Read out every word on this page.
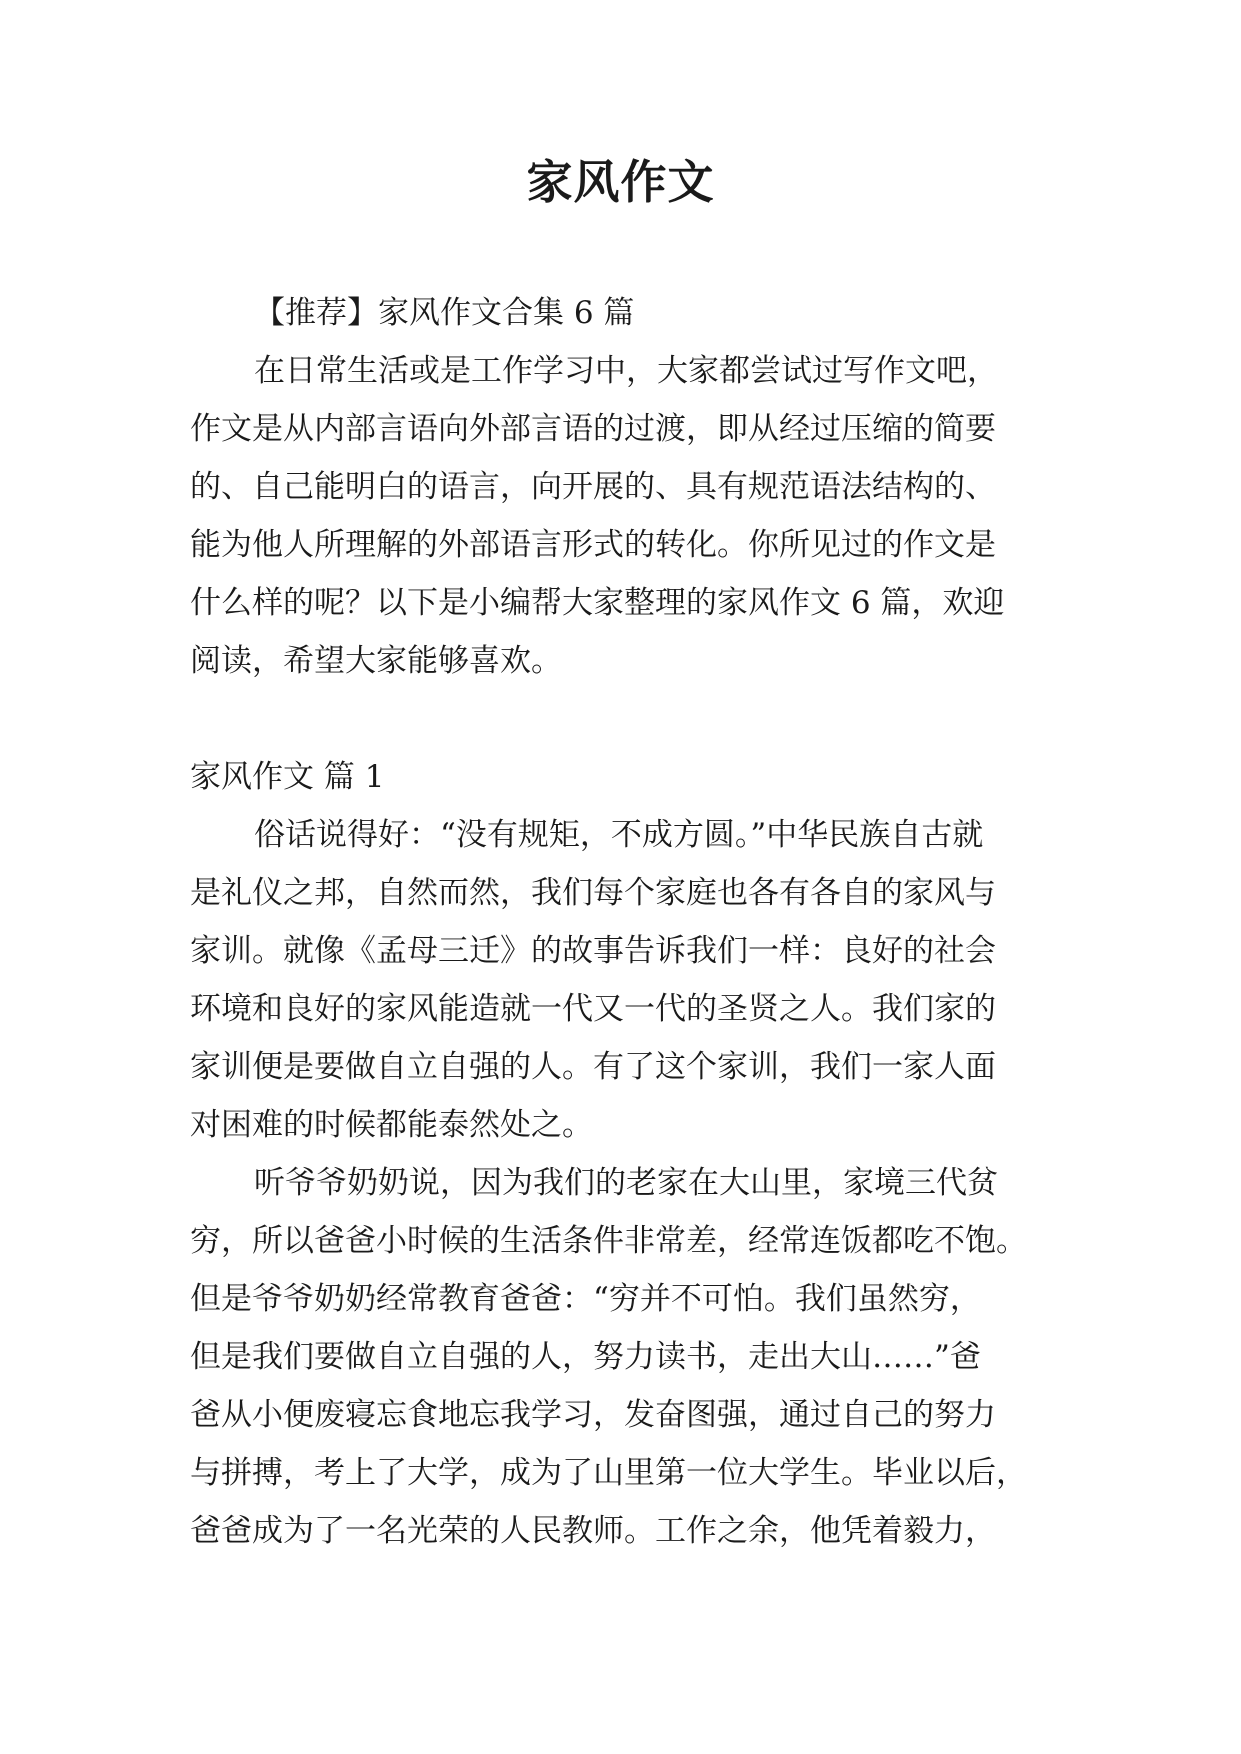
家风作文
【推荐】家风作文合集 6 篇
在日常生活或是工作学习中，大家都尝试过写作文吧，
作文是从内部言语向外部言语的过渡，即从经过压缩的简要
的、自己能明白的语言，向开展的、具有规范语法结构的、
能为他人所理解的外部语言形式的转化。你所见过的作文是
什么样的呢？以下是小编帮大家整理的家风作文 6 篇，欢迎
阅读，希望大家能够喜欢。
家风作文 篇 1
俗话说得好：“没有规矩，不成方圆。”中华民族自古就
是礼仪之邦，自然而然，我们每个家庭也各有各自的家风与
家训。就像《孟母三迁》的故事告诉我们一样：良好的社会
环境和良好的家风能造就一代又一代的圣贤之人。我们家的
家训便是要做自立自强的人。有了这个家训，我们一家人面
对困难的时候都能泰然处之。
听爷爷奶奶说，因为我们的老家在大山里，家境三代贫
穷，所以爸爸小时候的生活条件非常差，经常连饭都吃不饱。
但是爷爷奶奶经常教育爸爸：“穷并不可怕。我们虽然穷，
但是我们要做自立自强的人，努力读书，走出大山……”爸
爸从小便废寝忘食地忘我学习，发奋图强，通过自己的努力
与拼搏，考上了大学，成为了山里第一位大学生。毕业以后，
爸爸成为了一名光荣的人民教师。工作之余，他凭着毅力，
